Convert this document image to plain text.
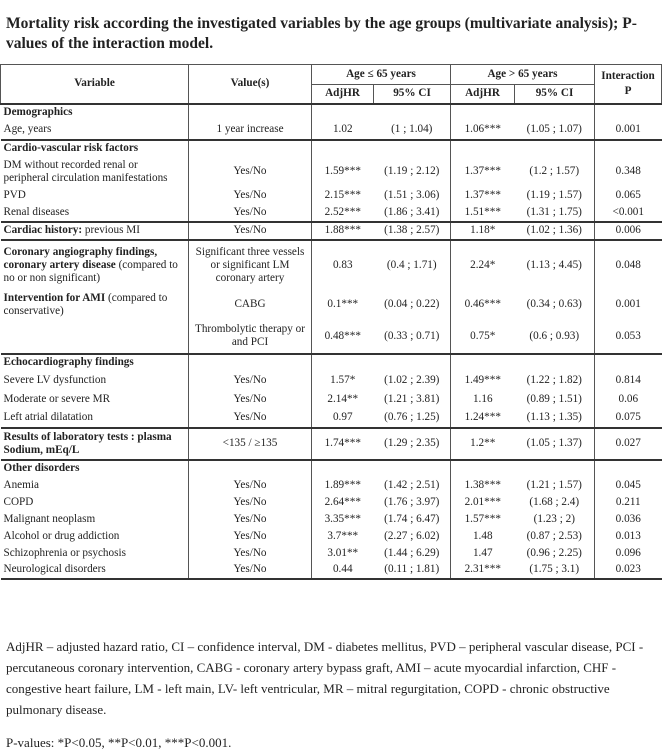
Mortality risk according the investigated variables by the age groups (multivariate analysis); P-values of the interaction model.
Variable	Value(s)	Age ≤ 65 years		Age > 65 years		Interaction
P

		AdjHR	95% CI	AdjHR	95% CI	
Demographics						
Age, years	1 year increase	1.02	(1 ; 1.04)	1.06***	(1.05 ; 1.07)	0.001
Cardio-vascular risk factors						
DM without recorded renal or peripheral circulation manifestations	Yes/No	1.59***	(1.19 ; 2.12)	1.37***	(1.2 ; 1.57)	0.348
PVD	Yes/No	2.15***	(1.51 ; 3.06)	1.37***	(1.19 ; 1.57)	0.065
Renal diseases	Yes/No	2.52***	(1.86 ; 3.41)	1.51***	(1.31 ; 1.75)	<0.001
Cardiac history: previous MI	Yes/No	1.88***	(1.38 ; 2.57)	1.18*	(1.02 ; 1.36)	0.006
Coronary angiography findings, coronary artery disease (compared to no or non significant)	Significant three vessels or significant LM coronary artery	0.83	(0.4 ; 1.71)	2.24*	(1.13 ; 4.45)	0.048
Intervention for AMI (compared to conservative)	CABG	0.1***	(0.04 ; 0.22)	0.46***	(0.34 ; 0.63)	0.001
	Thrombolytic therapy or and PCI	0.48***	(0.33 ; 0.71)	0.75*	(0.6 ; 0.93)	0.053
Echocardiography findings						
Severe LV dysfunction	Yes/No	1.57*	(1.02 ; 2.39)	1.49***	(1.22 ; 1.82)	0.814
Moderate or severe MR	Yes/No	2.14**	(1.21 ; 3.81)	1.16	(0.89 ; 1.51)	0.06
Left atrial dilatation	Yes/No	0.97	(0.76 ; 1.25)	1.24***	(1.13 ; 1.35)	0.075
Results of laboratory tests : plasma Sodium, mEq/L	<135 / ≥135	1.74***	(1.29 ; 2.35)	1.2**	(1.05 ; 1.37)	0.027
Other disorders						
Anemia	Yes/No	1.89***	(1.42 ; 2.51)	1.38***	(1.21 ; 1.57)	0.045
COPD	Yes/No	2.64***	(1.76 ; 3.97)	2.01***	(1.68 ; 2.4)	0.211
Malignant neoplasm	Yes/No	3.35***	(1.74 ; 6.47)	1.57***	(1.23 ; 2)	0.036
Alcohol or drug addiction	Yes/No	3.7***	(2.27 ; 6.02)	1.48	(0.87 ; 2.53)	0.013
Schizophrenia or psychosis	Yes/No	3.01**	(1.44 ; 6.29)	1.47	(0.96 ; 2.25)	0.096
Neurological disorders	Yes/No	0.44	(0.11 ; 1.81)	2.31***	(1.75 ; 3.1)	0.023
AdjHR – adjusted hazard ratio, CI – confidence interval, DM - diabetes mellitus, PVD – peripheral vascular disease, PCI - percutaneous coronary intervention, CABG - coronary artery bypass graft, AMI – acute myocardial infarction, CHF - congestive heart failure, LM - left main, LV- left ventricular, MR – mitral regurgitation, COPD - chronic obstructive pulmonary disease.
P-values: *P<0.05, **P<0.01, ***P<0.001.
